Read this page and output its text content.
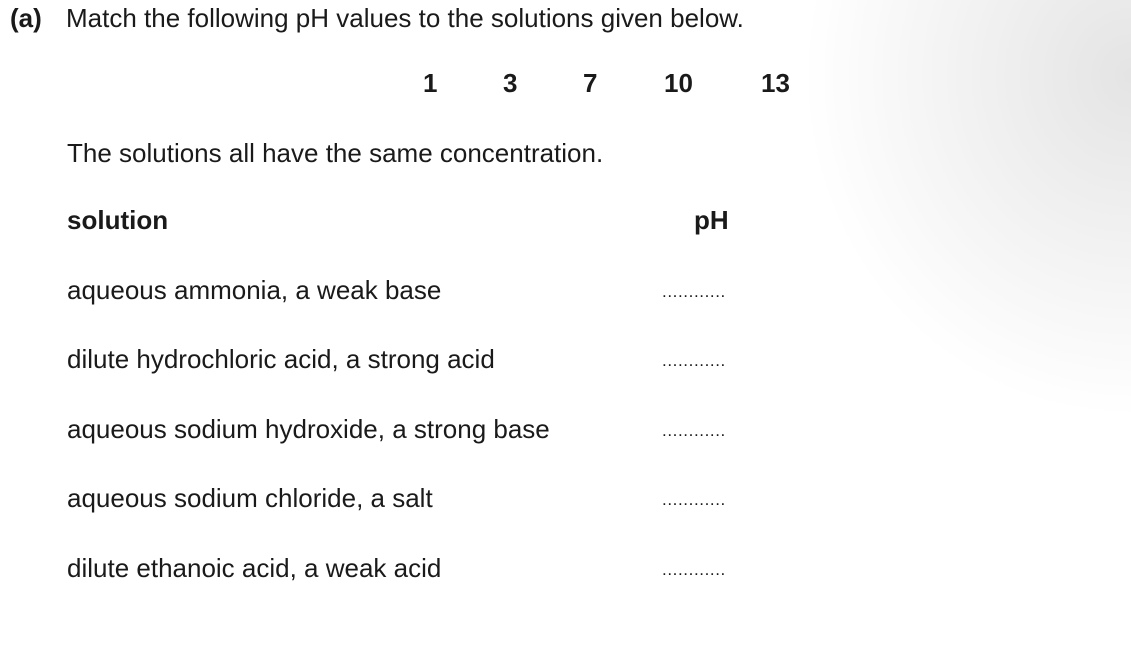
(a) Match the following pH values to the solutions given below.
1	3	7	10	13
The solutions all have the same concentration.
solution	pH
aqueous ammonia, a weak base	............
dilute hydrochloric acid, a strong acid	............
aqueous sodium hydroxide, a strong base	............
aqueous sodium chloride, a salt	............
dilute ethanoic acid, a weak acid	............
